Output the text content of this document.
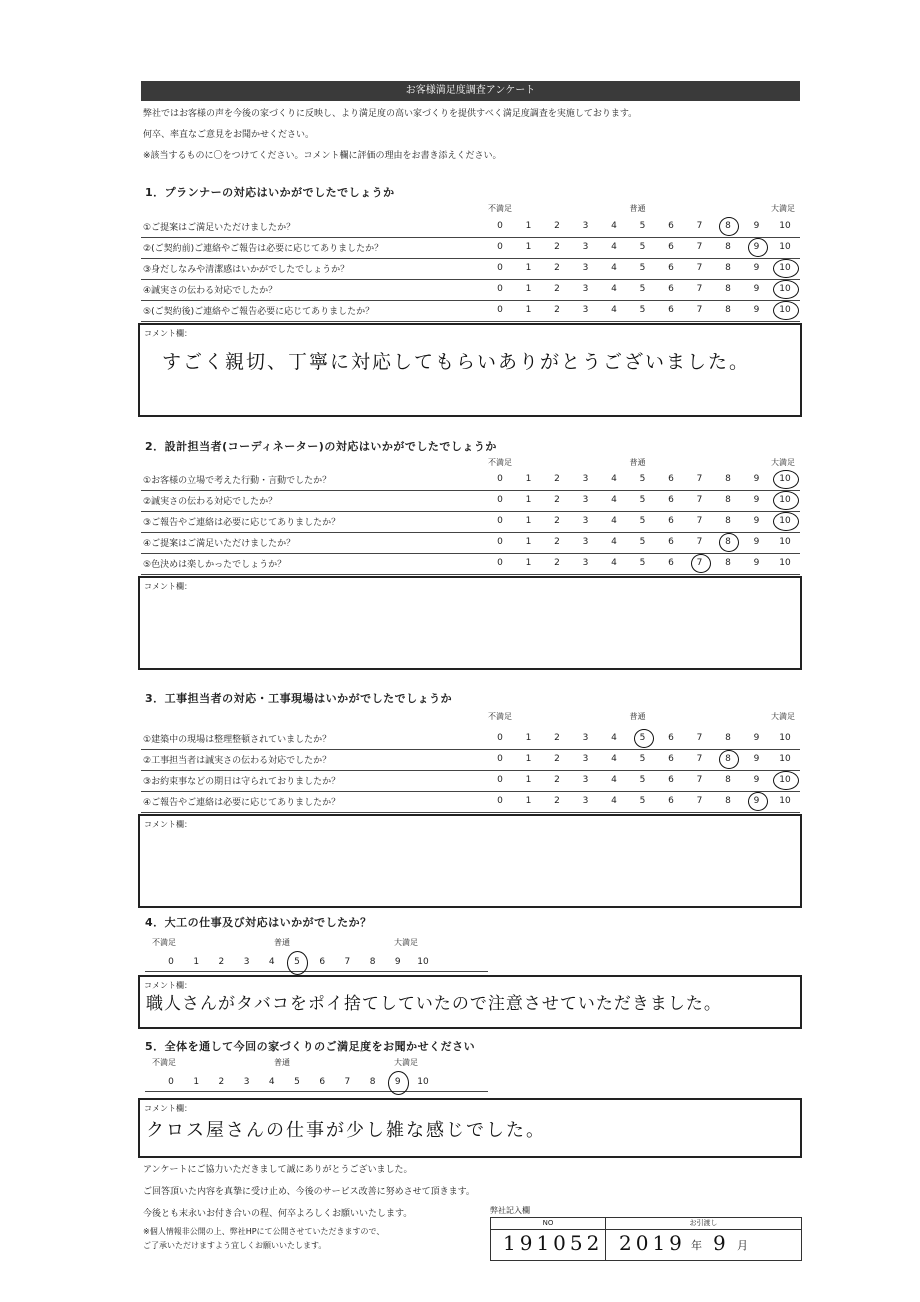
お客様満足度調査アンケート
弊社ではお客様の声を今後の家づくりに反映し、より満足度の高い家づくりを提供すべく満足度調査を実施しております。
何卒、率直なご意見をお聞かせください。
※該当するものに〇をつけてください。コメント欄に評価の理由をお書き添えください。
1．プランナーの対応はいかがでしたでしょうか
不満足	普通	大満足
①ご提案はご満足いただけましたか？	0	1	2	3	4	5	6	7	8	9	10
②(ご契約前)ご連絡やご報告は必要に応じてありましたか？	0	1	2	3	4	5	6	7	8	9	10
③身だしなみや清潔感はいかがでしたでしょうか？	0	1	2	3	4	5	6	7	8	9	10
④誠実さの伝わる対応でしたか？	0	1	2	3	4	5	6	7	8	9	10
⑤(ご契約後)ご連絡やご報告必要に応じてありましたか？	0	1	2	3	4	5	6	7	8	9	10
コメント欄：
すごく親切、丁寧に対応してもらいありがとうございました。
2．設計担当者(コーディネーター)の対応はいかがでしたでしょうか
不満足	普通	大満足
①お客様の立場で考えた行動・言動でしたか？	0	1	2	3	4	5	6	7	8	9	10
②誠実さの伝わる対応でしたか？	0	1	2	3	4	5	6	7	8	9	10
③ご報告やご連絡は必要に応じてありましたか？	0	1	2	3	4	5	6	7	8	9	10
④ご提案はご満足いただけましたか？	0	1	2	3	4	5	6	7	8	9	10
⑤色決めは楽しかったでしょうか？	0	1	2	3	4	5	6	7	8	9	10
コメント欄：
3．工事担当者の対応・工事現場はいかがでしたでしょうか
不満足	普通	大満足
①建築中の現場は整理整頓されていましたか？	0	1	2	3	4	5	6	7	8	9	10
②工事担当者は誠実さの伝わる対応でしたか？	0	1	2	3	4	5	6	7	8	9	10
③お約束事などの期日は守られておりましたか？	0	1	2	3	4	5	6	7	8	9	10
④ご報告やご連絡は必要に応じてありましたか？	0	1	2	3	4	5	6	7	8	9	10
コメント欄：
4．大工の仕事及び対応はいかがでしたか？
不満足	普通	大満足
0	1	2	3	4	5	6	7	8	9	10
コメント欄：
職人さんがタバコをポイ捨てしていたので注意させていただきました。
5．全体を通して今回の家づくりのご満足度をお聞かせください
不満足	普通	大満足
0	1	2	3	4	5	6	7	8	9	10
コメント欄：
クロス屋さんの仕事が少し雑な感じでした。
アンケートにご協力いただきまして誠にありがとうございました。
ご回答頂いた内容を真摯に受け止め、今後のサービス改善に努めさせて頂きます。
今後とも末永いお付き合いの程、何卒よろしくお願いいたします。
※個人情報非公開の上、弊社HPにて公開させていただきますので、
ご了承いただけますよう宜しくお願いいたします。
弊社記入欄
NO	お引渡し
191052 2019 年 9 月
